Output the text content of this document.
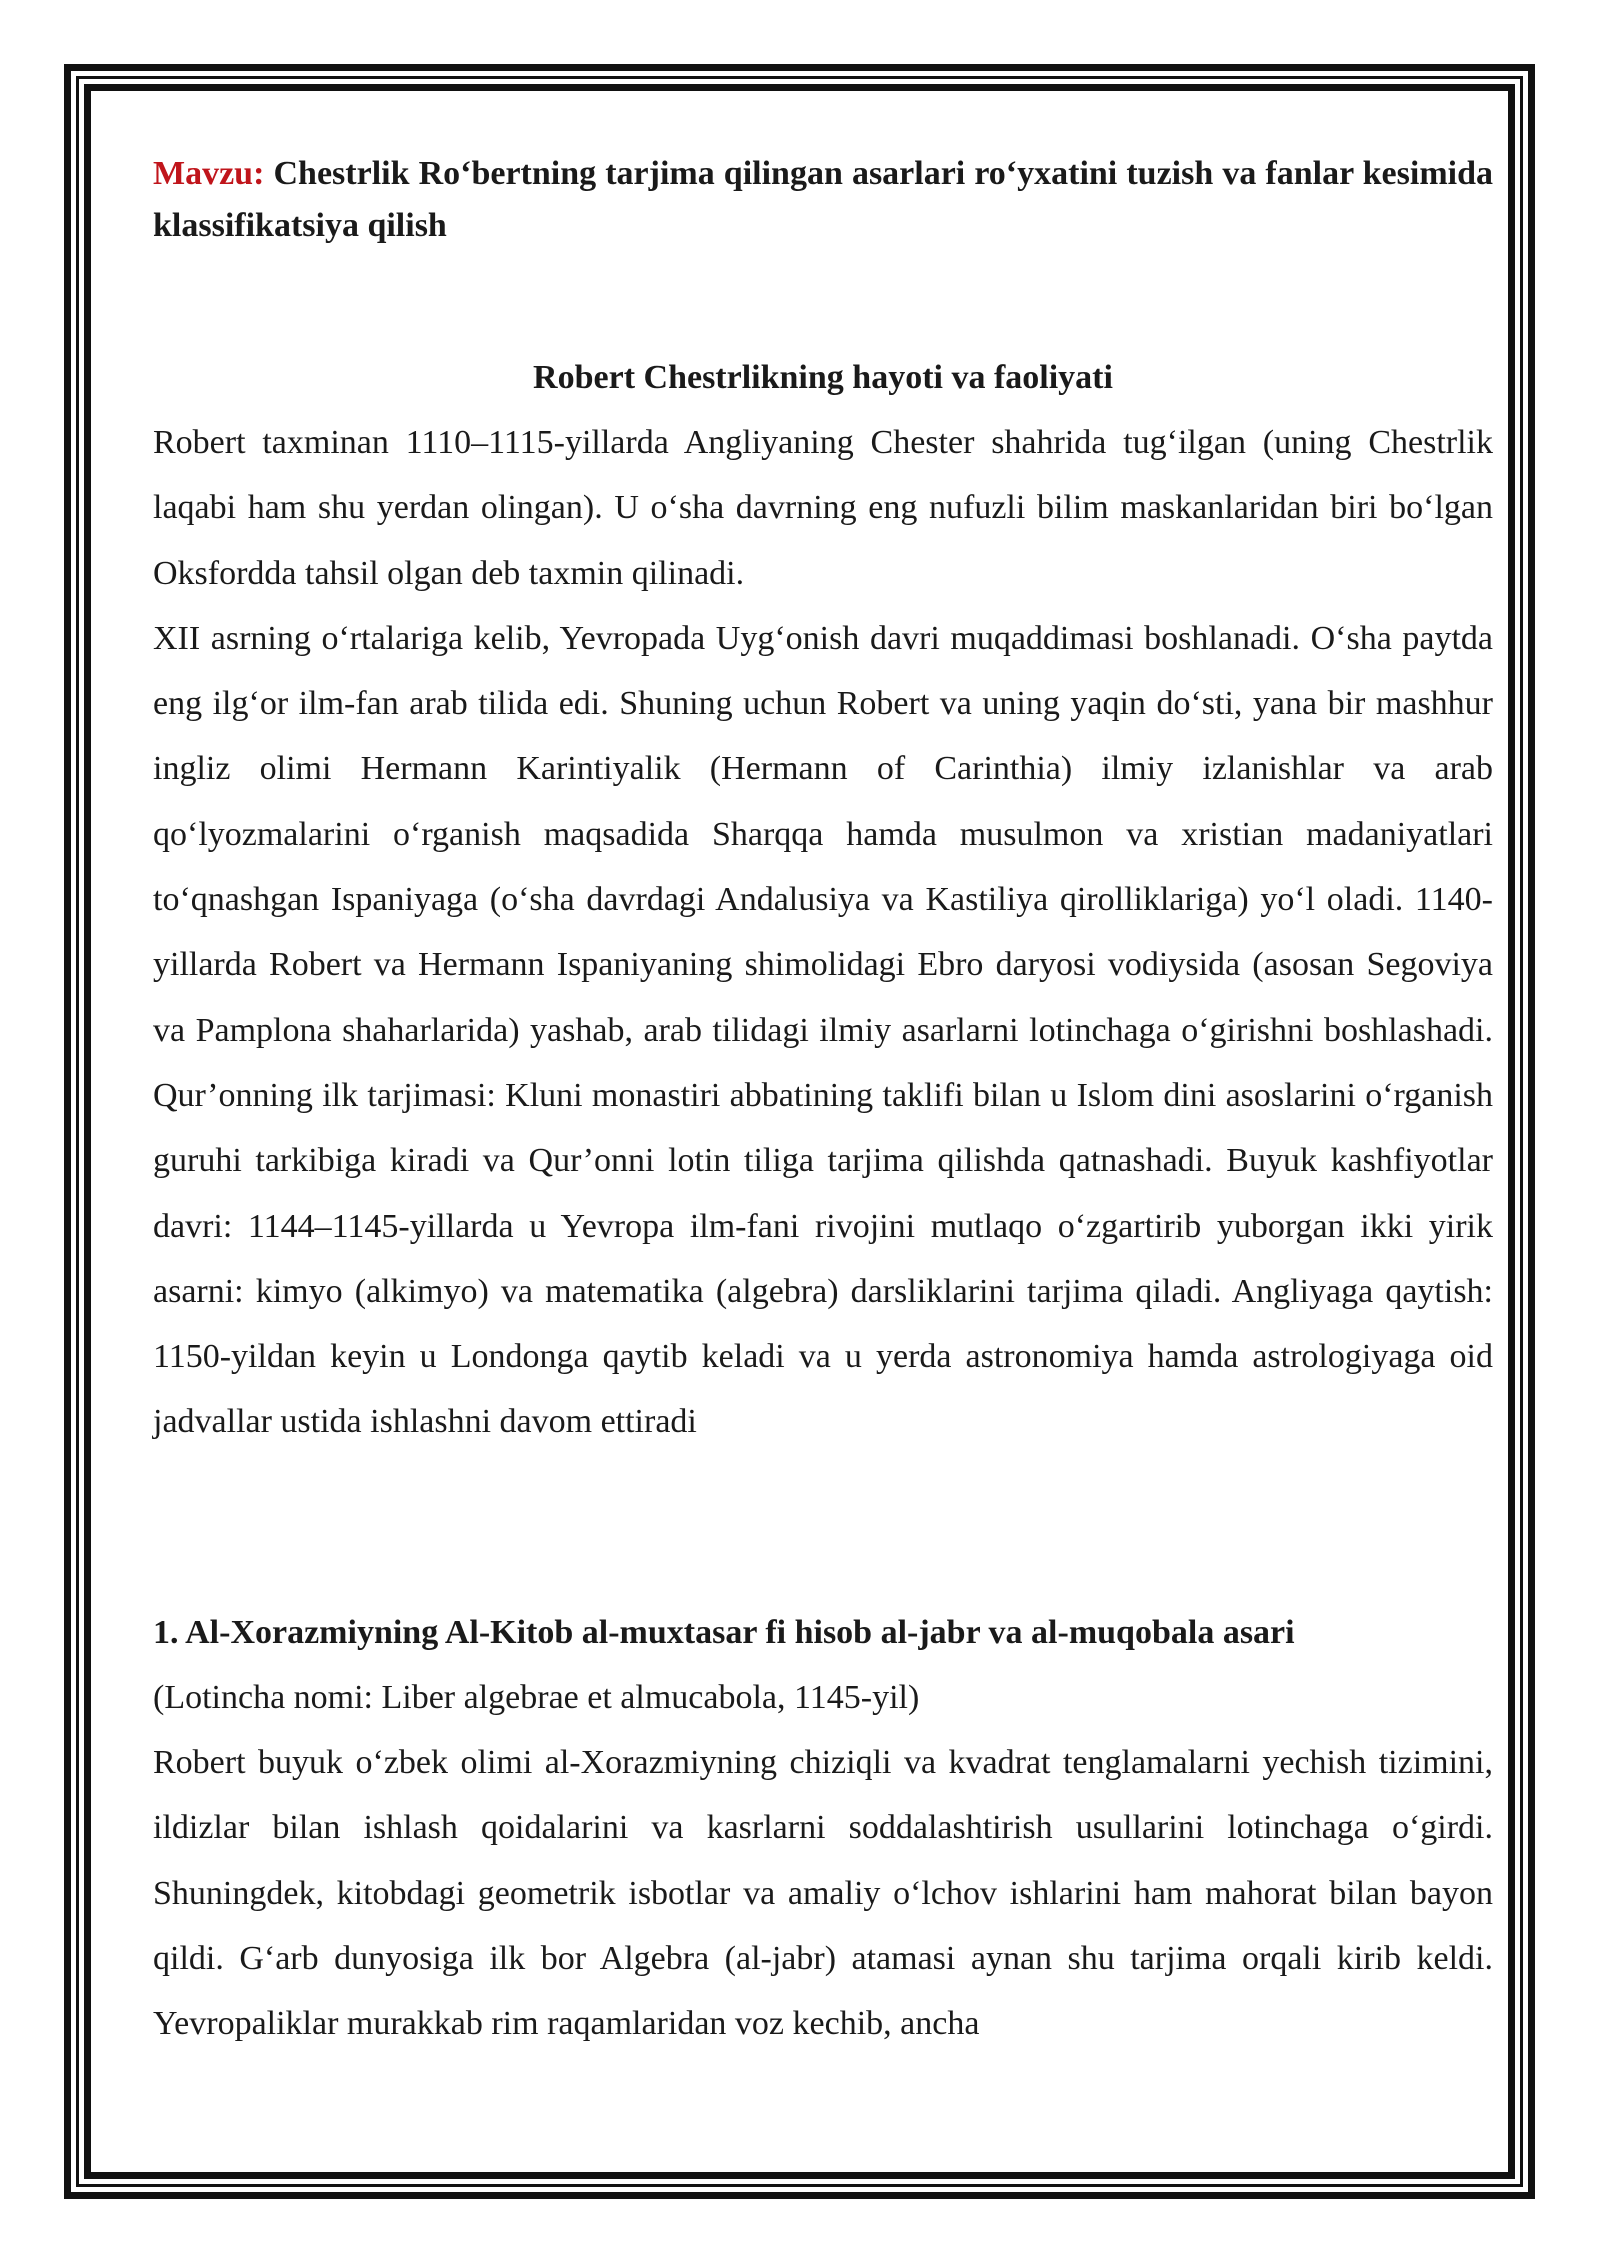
Mavzu: Chestrlik Ro‘bertning tarjima qilingan asarlari ro‘yxatini tuzish va fanlar kesimida klassifikatsiya qilish

Robert Chestrlikning hayoti va faoliyati

Robert taxminan 1110–1115-yillarda Angliyaning Chester shahrida tug‘ilgan (uning Chestrlik laqabi ham shu yerdan olingan). U o‘sha davrning eng nufuzli bilim maskanlaridan biri bo‘lgan Oksfordda tahsil olgan deb taxmin qilinadi.

XII asrning o‘rtalariga kelib, Yevropada Uyg‘onish davri muqaddimasi boshlanadi. O‘sha paytda eng ilg‘or ilm-fan arab tilida edi. Shuning uchun Robert va uning yaqin do‘sti, yana bir mashhur ingliz olimi Hermann Karintiyalik (Hermann of Carinthia) ilmiy izlanishlar va arab qo‘lyozmalarini o‘rganish maqsadida Sharqqa hamda musulmon va xristian madaniyatlari to‘qnashgan Ispaniyaga (o‘sha davrdagi Andalusiya va Kastiliya qirolliklariga) yo‘l oladi. 1140-yillarda Robert va Hermann Ispaniyaning shimolidagi Ebro daryosi vodiysida (asosan Segoviya va Pamplona shaharlarida) yashab, arab tilidagi ilmiy asarlarni lotinchaga o‘girishni boshlashadi. Qur’onning ilk tarjimasi: Kluni monastiri abbatining taklifi bilan u Islom dini asoslarini o‘rganish guruhi tarkibiga kiradi va Qur’onni lotin tiliga tarjima qilishda qatnashadi. Buyuk kashfiyotlar davri: 1144–1145-yillarda u Yevropa ilm-fani rivojini mutlaqo o‘zgartirib yuborgan ikki yirik asarni: kimyo (alkimyo) va matematika (algebra) darsliklarini tarjima qiladi. Angliyaga qaytish: 1150-yildan keyin u Londonga qaytib keladi va u yerda astronomiya hamda astrologiyaga oid jadvallar ustida ishlashni davom ettiradi

1. Al-Xorazmiyning Al-Kitob al-muxtasar fi hisob al-jabr va al-muqobala asari

(Lotincha nomi: Liber algebrae et almucabola, 1145-yil)

Robert buyuk o‘zbek olimi al-Xorazmiyning chiziqli va kvadrat tenglamalarni yechish tizimini, ildizlar bilan ishlash qoidalarini va kasrlarni soddalashtirish usullarini lotinchaga o‘girdi. Shuningdek, kitobdagi geometrik isbotlar va amaliy o‘lchov ishlarini ham mahorat bilan bayon qildi. G‘arb dunyosiga ilk bor Algebra (al-jabr) atamasi aynan shu tarjima orqali kirib keldi. Yevropaliklar murakkab rim raqamlaridan voz kechib, ancha
